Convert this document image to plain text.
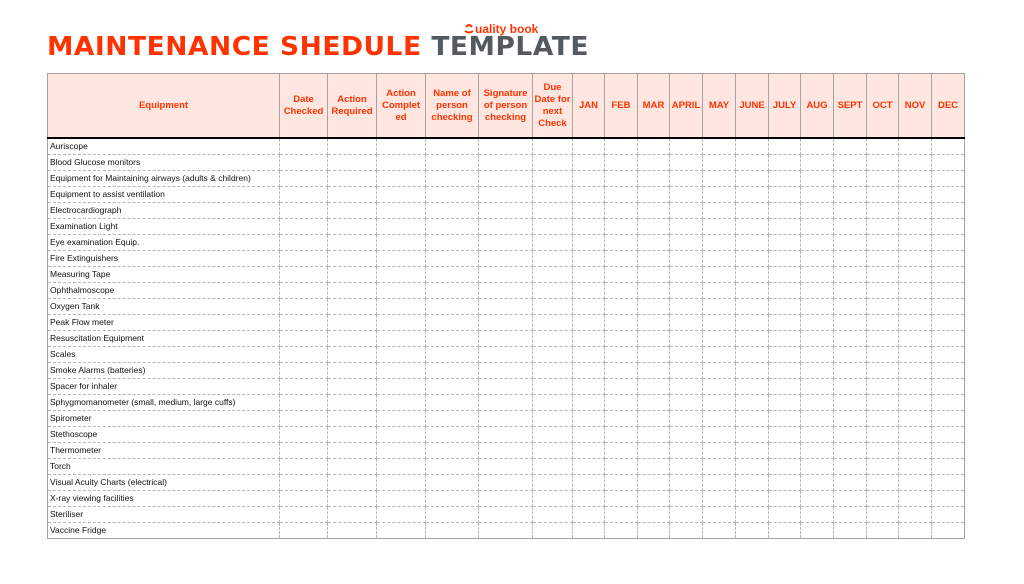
MAINTENANCE SHEDULE TEMPLATE
uality book
Equipment	Date Checked	Action Required	Action Complet ed	Name of person checking	Signature of person checking	Due Date for next Check	JAN	FEB	MAR	APRIL	MAY	JUNE	JULY	AUG	SEPT	OCT	NOV	DEC
Auriscope																		
Blood Glucose monitors																		
Equipment for Maintaining airways (adults & children)																		
Equipment to assist ventilation																		
Electrocardiograph																		
Examination Light																		
Eye examination Equip.																		
Fire Extinguishers																		
Measuring Tape																		
Ophthalmoscope																		
Oxygen Tank																		
Peak Flow meter																		
Resuscitation Equipment																		
Scales																		
Smoke Alarms (batteries)																		
Spacer for inhaler																		
Sphygmomanometer (small, medium, large cuffs)																		
Spirometer																		
Stethoscope																		
Thermometer																		
Torch																		
Visual Acuity Charts (electrical)																		
X-ray viewing facilities																		
Steriliser																		
Vaccine Fridge																		
